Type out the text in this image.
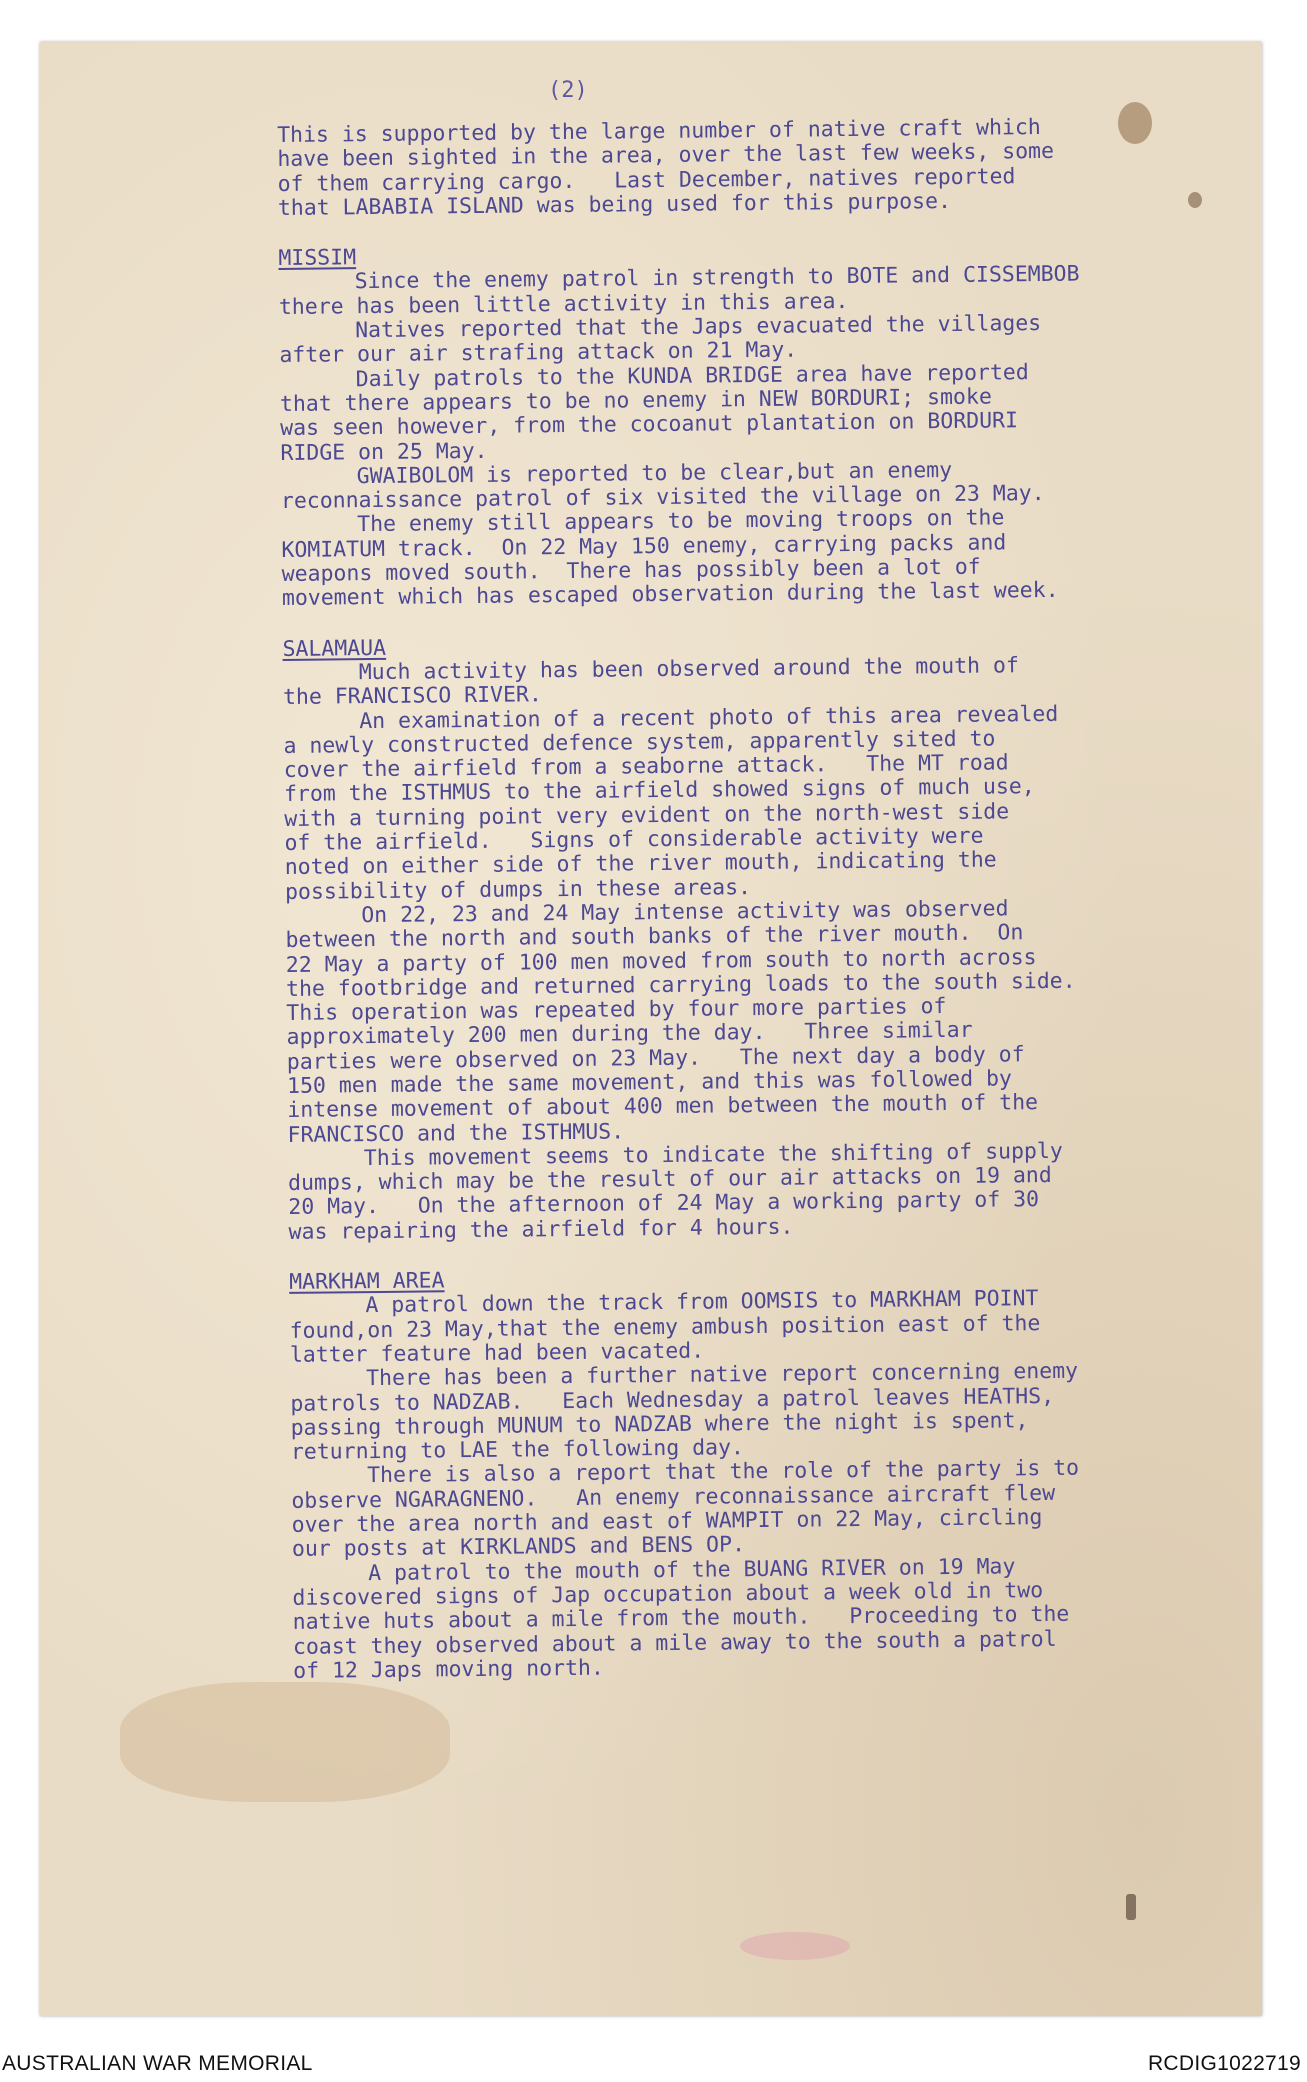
(2)
This is supported by the large number of native craft which
have been sighted in the area, over the last few weeks, some
of them carrying cargo.   Last December, natives reported
that LABABIA ISLAND was being used for this purpose.
MISSIM
Since the enemy patrol in strength to BOTE and CISSEMBOB
there has been little activity in this area.
Natives reported that the Japs evacuated the villages
after our air strafing attack on 21 May.
Daily patrols to the KUNDA BRIDGE area have reported
that there appears to be no enemy in NEW BORDURI; smoke
was seen however, from the cocoanut plantation on BORDURI
RIDGE on 25 May.
GWAIBOLOM is reported to be clear,but an enemy
reconnaissance patrol of six visited the village on 23 May.
The enemy still appears to be moving troops on the
KOMIATUM track.  On 22 May 150 enemy, carrying packs and
weapons moved south.  There has possibly been a lot of
movement which has escaped observation during the last week.
SALAMAUA
Much activity has been observed around the mouth of
the FRANCISCO RIVER.
An examination of a recent photo of this area revealed
a newly constructed defence system, apparently sited to
cover the airfield from a seaborne attack.   The MT road
from the ISTHMUS to the airfield showed signs of much use,
with a turning point very evident on the north-west side
of the airfield.   Signs of considerable activity were
noted on either side of the river mouth, indicating the
possibility of dumps in these areas.
On 22, 23 and 24 May intense activity was observed
between the north and south banks of the river mouth.  On
22 May a party of 100 men moved from south to north across
the footbridge and returned carrying loads to the south side.
This operation was repeated by four more parties of
approximately 200 men during the day.   Three similar
parties were observed on 23 May.   The next day a body of
150 men made the same movement, and this was followed by
intense movement of about 400 men between the mouth of the
FRANCISCO and the ISTHMUS.
This movement seems to indicate the shifting of supply
dumps, which may be the result of our air attacks on 19 and
20 May.   On the afternoon of 24 May a working party of 30
was repairing the airfield for 4 hours.
MARKHAM AREA
A patrol down the track from OOMSIS to MARKHAM POINT
found,on 23 May,that the enemy ambush position east of the
latter feature had been vacated.
There has been a further native report concerning enemy
patrols to NADZAB.   Each Wednesday a patrol leaves HEATHS,
passing through MUNUM to NADZAB where the night is spent,
returning to LAE the following day.
There is also a report that the role of the party is to
observe NGARAGNENO.   An enemy reconnaissance aircraft flew
over the area north and east of WAMPIT on 22 May, circling
our posts at KIRKLANDS and BENS OP.
A patrol to the mouth of the BUANG RIVER on 19 May
discovered signs of Jap occupation about a week old in two
native huts about a mile from the mouth.   Proceeding to the
coast they observed about a mile away to the south a patrol
of 12 Japs moving north.
AUSTRALIAN WAR MEMORIAL	RCDIG1022719
